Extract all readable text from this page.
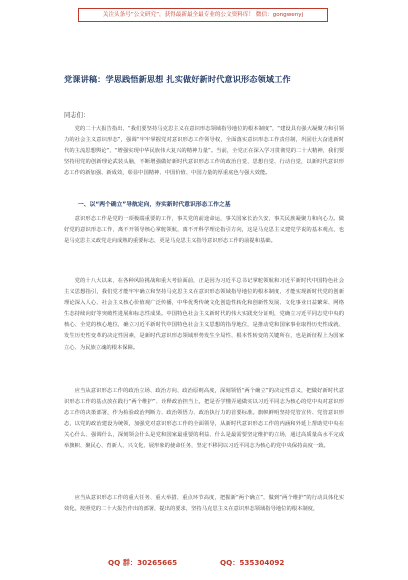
关注头条号“公文研究”，获得最新最全最专业的公文资料库！ 微信：gongwenyj
党课讲稿：学思践悟新思想 扎实做好新时代意识形态领域工作
同志们：
党的二十大报告指出，“我们要坚持马克思主义在意识形态领域指导地位的根本制度”，“建设具有强大凝聚力和引领力的社会主义意识形态”，强调“牢牢掌握党对意识形态工作领导权，全面落实意识形态工作责任制，巩固壮大奋进新时代的主流思想舆论”，“增强实现中华民族伟大复兴的精神力量”。当前，全党正在深入学习贯彻党的二十大精神，我们要坚持用党的创新理论武装头脑，不断增强做好新时代意识形态工作的政治自觉、思想自觉、行动自觉，以新时代意识形态工作的新加强、新成效，彰显中国精神、中国价值、中国力量的厚重底色与强大效能。
一、以“两个确立”导航定向，夯实新时代意识形态工作之基
意识形态工作是党的一项极端重要的工作，事关党的前途命运，事关国家长治久安，事关民族凝聚力和向心力。做好党的意识形态工作，离不开领导核心掌舵领航，离不开科学理论指引方向，这是马克思主义建党学说的基本观点，也是马克思主义政党走向成熟的重要标志，更是马克思主义指导意识形态工作的前提和基础。
党的十八大以来，在各种风险挑战和重大考验面前，正是因为习近平总书记掌舵领航和习近平新时代中国特色社会主义思想指引，我们党才能牢牢确立和坚持马克思主义在意识形态领域指导地位的根本制度，才能实现新时代党的创新理论深入人心、社会主义核心价值观广泛传播，中华优秀传统文化创造性转化和创新性发展、文化事业日益繁荣、网络生态持续向好等突破性进展和标志性成果。中国特色社会主义新时代的伟大实践充分证明，党确立习近平同志党中央的核心、全党的核心地位，确立习近平新时代中国特色社会主义思想的指导地位，是推动党和国家事业取得历史性成就、发生历史性变革的决定性因素，是新时代意识形态领域形势发生全局性、根本性转变的关键所在，也是新征程上为国家立心、为民族立魂的根本保障。
应当从意识形态工作的政治立场、政治方向、政治原则高度，深刻领悟“两个确立”的决定性意义，把做好新时代意识形态工作的基点放在践行“两个维护”、诠释政治担当上，把是否学懂弄通做实以习近平同志为核心的党中央对意识形态工作的决策部署，作为检验政治判断力、政治领悟力、政治执行力的首要标准。旗帜鲜明坚持党管宣传、党管意识形态，以党的政治建设为统领，加强党对意识形态工作的全面领导，从新时代意识形态工作的内涵和外延上帮助党中央在关心什么、强调什么，深刻领会什么是党和国家最重要的利益、什么是最需要坚定维护的立场，通过高质量高水平完成举旗帜、聚民心、育新人、兴文化、展形象的使命任务，坚定不移同以习近平同志为核心的党中央保持高度一致。
应当从意识形态工作的重大任务、重大举措、重点环节高度，把握新“两个确立”，做到“两个维护”的行动具体化实效化。按照党的二十大报告作出的部署，提出的要求，坚持马克思主义在意识形态领域指导地位的根本制度，
QQ 群：30265665	QQ：535304092
